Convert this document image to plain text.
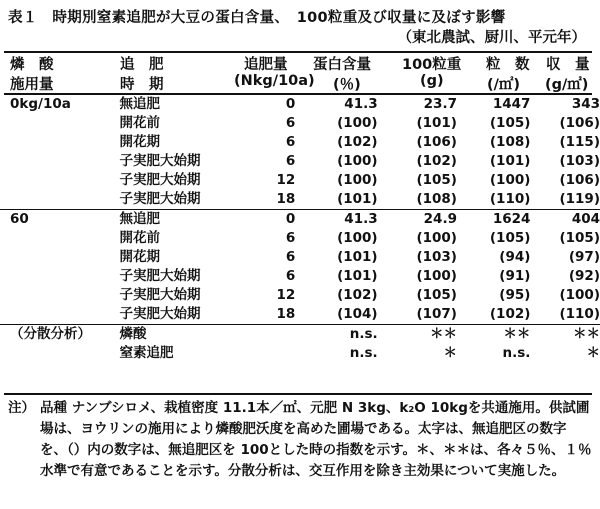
表１　時期別窒素追肥が大豆の蛋白含量、　100粒重及び収量に及ぼす影響
（東北農試、厨川、平元年）
燐　酸	追　肥	追肥量 蛋白含量 100粒重 粒　数 収　量
施用量	時　期	(Nkg/10a) (％)	(g)	(/㎡) (g/㎡)
0kg/10a	無追肥	0	41.3	23.7	1447	343
	開花前	6	(100)	(101)	(105)	(106)
	開花期	6	(102)	(106)	(108)	(115)
	子実肥大始期	6	(100)	(102)	(101)	(103)
	子実肥大始期	12	(100)	(105)	(100)	(106)
	子実肥大始期	18	(101)	(108)	(110)	(119)
60	無追肥	0	41.3	24.9	1624	404
	開花前	6	(100)	(100)	(105)	(105)
	開花期	6	(101)	(103)	(94)	(97)
	子実肥大始期	6	(101)	(100)	(91)	(92)
	子実肥大始期	12	(102)	(105)	(95)	(100)
	子実肥大始期	18	(104)	(107)	(102)	(110)
（分散分析）	燐酸		n.s.	＊＊	＊＊	＊＊
	窒素追肥		n.s.	＊	n.s.	＊
注） 品種 ナンブシロメ、栽植密度 11.1本／㎡、元肥 N 3kg、k₂O 10kgを共通施用。供試圃場は、ヨウリンの施用により燐酸肥沃度を高めた圃場である。太字は、無追肥区の数字を、（）内の数字は、無追肥区を 100とした時の指数を示す。＊、＊＊は、各々５％、１％水準で有意であることを示す。分散分析は、交互作用を除き主効果について実施した。
